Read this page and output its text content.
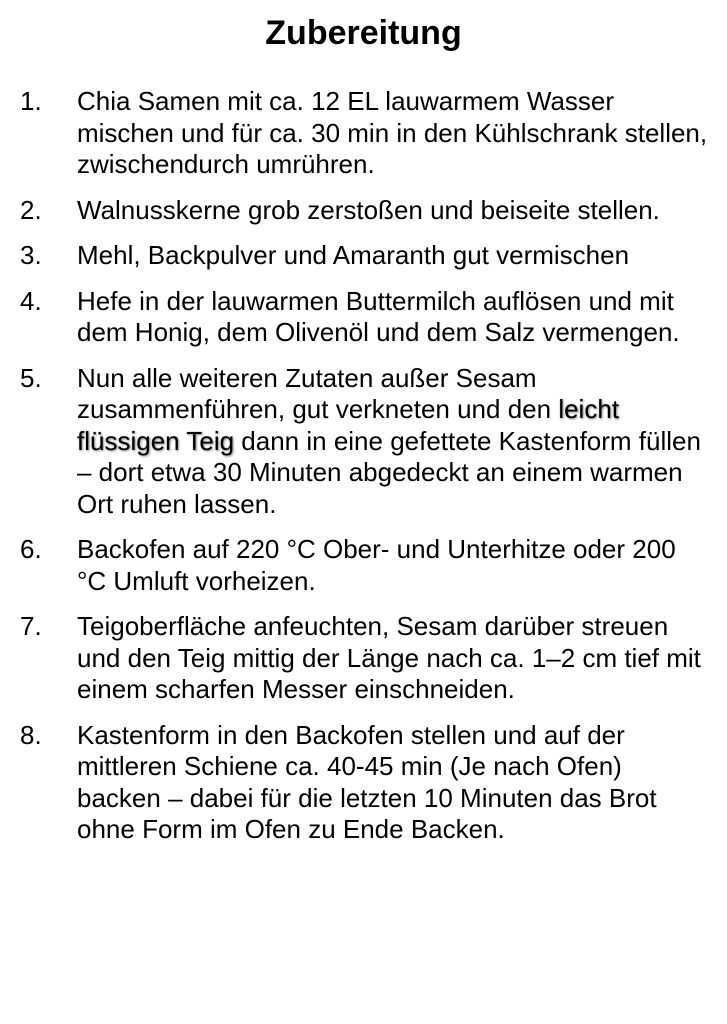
Zubereitung
1.	Chia Samen mit ca. 12 EL lauwarmem Wasser mischen und für ca. 30 min in den Kühlschrank stellen, zwischendurch umrühren.
2.	Walnusskerne grob zerstoßen und beiseite stellen.
3.	Mehl, Backpulver und Amaranth gut vermischen
4.	Hefe in der lauwarmen Buttermilch auflösen und mit dem Honig, dem Olivenöl und dem Salz vermengen.
5.	Nun alle weiteren Zutaten außer Sesam zusammenführen, gut verkneten und den leicht flüssigen Teig dann in eine gefettete Kastenform füllen – dort etwa 30 Minuten abgedeckt an einem warmen Ort ruhen lassen.
6.	Backofen auf 220 °C Ober- und Unterhitze oder 200 °C Umluft vorheizen.
7.	Teigoberfläche anfeuchten, Sesam darüber streuen und den Teig mittig der Länge nach ca. 1–2 cm tief mit einem scharfen Messer einschneiden.
8.	Kastenform in den Backofen stellen und auf der mittleren Schiene ca. 40-45 min (Je nach Ofen) backen – dabei für die letzten 10 Minuten das Brot ohne Form im Ofen zu Ende Backen.
